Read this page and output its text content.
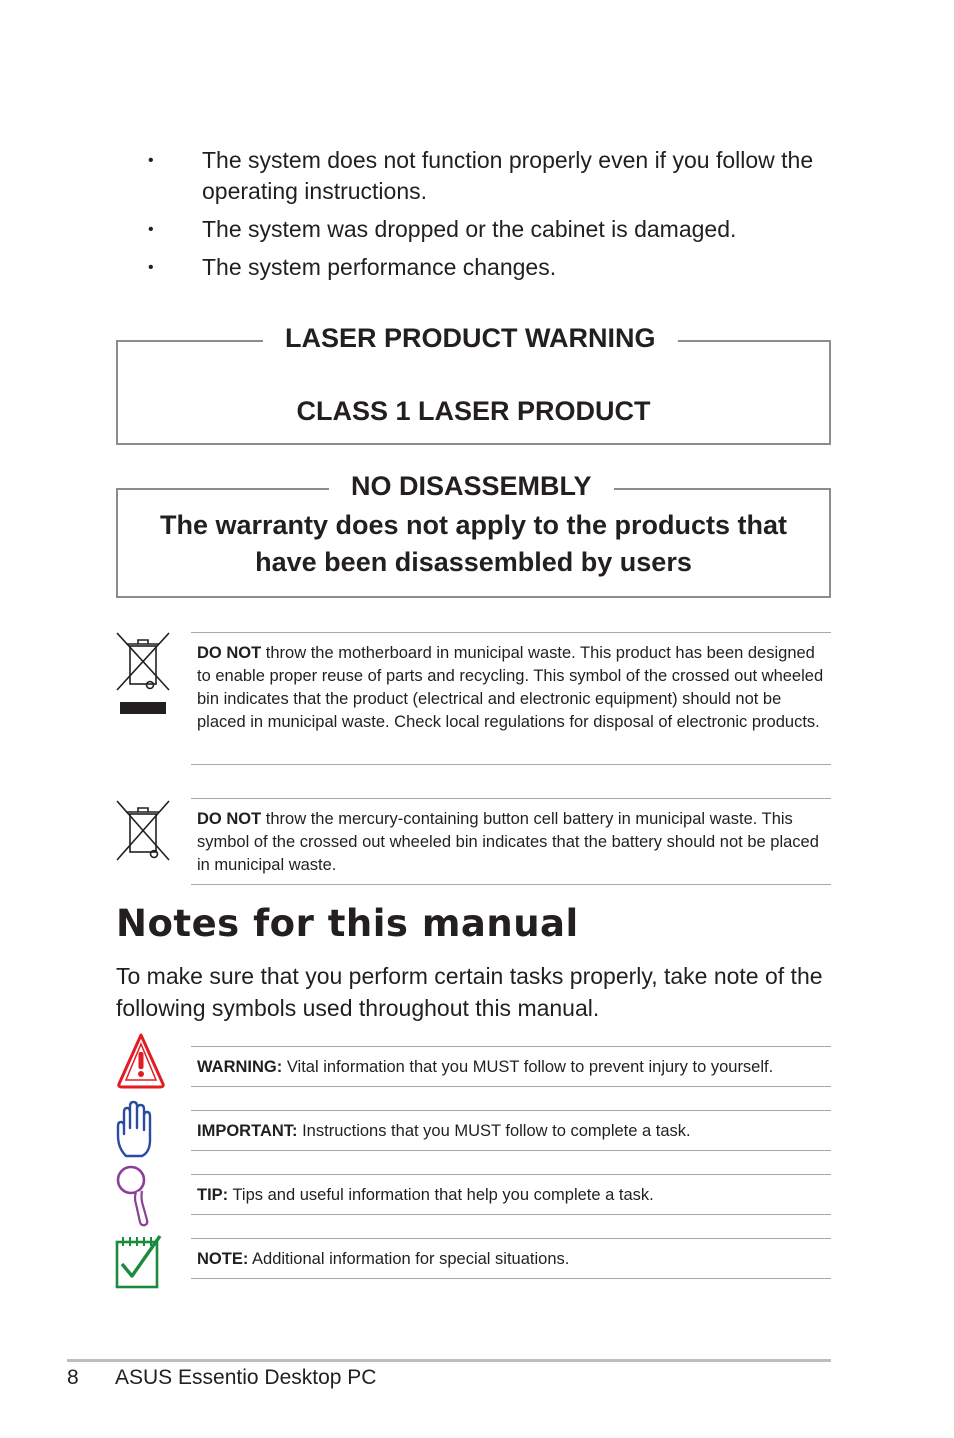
• The system does not function properly even if you follow the operating instructions.
• The system was dropped or the cabinet is damaged.
• The system performance changes.
CLASS 1 LASER PRODUCT
LASER PRODUCT WARNING
The warranty does not apply to the products that
have been disassembled by users
NO DISASSEMBLY
DO NOT throw the motherboard in municipal waste. This product has been designed to enable proper reuse of parts and recycling. This symbol of the crossed out wheeled bin indicates that the product (electrical and electronic equipment) should not be placed in municipal waste. Check local regulations for disposal of electronic products.
DO NOT throw the mercury-containing button cell battery in municipal waste. This symbol of the crossed out wheeled bin indicates that the battery should not be placed in municipal waste.
Notes for this manual
To make sure that you perform certain tasks properly, take note of the following symbols used throughout this manual.
WARNING: Vital information that you MUST follow to prevent injury to yourself.
IMPORTANT: Instructions that you MUST follow to complete a task.
TIP: Tips and useful information that help you complete a task.
NOTE: Additional information for special situations.
8 ASUS Essentio Desktop PC
